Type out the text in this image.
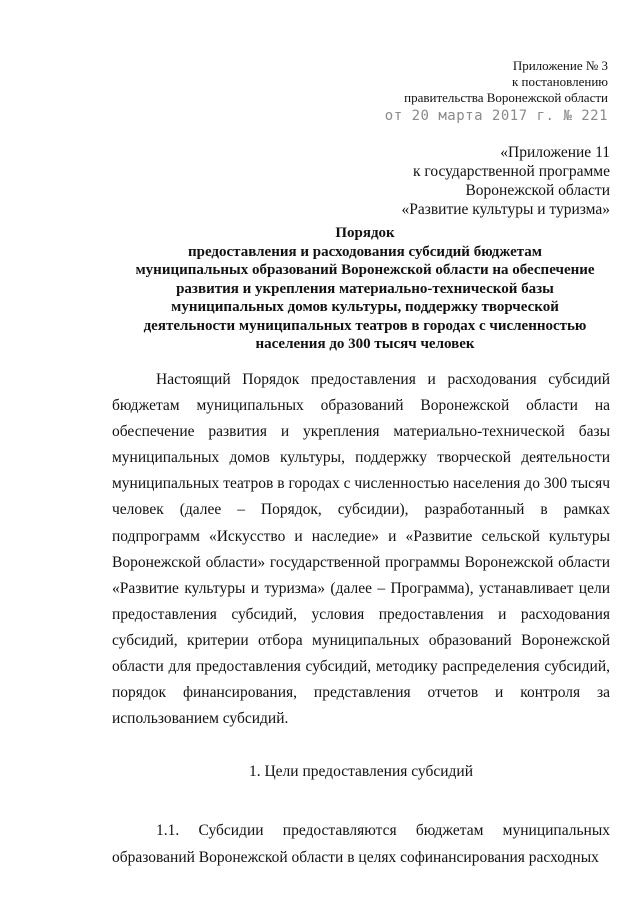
Приложение № 3
к постановлению
правительства Воронежской области
от 20 марта 2017 г. № 221
«Приложение 11
к государственной программе
Воронежской области
«Развитие культуры и туризма»
Порядок
предоставления и расходования субсидий бюджетам
муниципальных образований Воронежской области на обеспечение
развития и укрепления материально-технической базы
муниципальных домов культуры, поддержку творческой
деятельности муниципальных театров в городах с численностью
населения до 300 тысяч человек

Настоящий Порядок предоставления и расходования субсидий бюджетам муниципальных образований Воронежской области на обеспечение развития и укрепления материально-технической базы муниципальных домов культуры, поддержку творческой деятельности муниципальных театров в городах с численностью населения до 300 тысяч человек (далее – Порядок, субсидии), разработанный в рамках подпрограмм «Искусство и наследие» и «Развитие сельской культуры Воронежской области» государственной программы Воронежской области «Развитие культуры и туризма» (далее – Программа), устанавливает цели предоставления субсидий, условия предоставления и расходования субсидий, критерии отбора муниципальных образований Воронежской области для предоставления субсидий, методику распределения субсидий, порядок финансирования, представления отчетов и контроля за использованием субсидий.

1. Цели предоставления субсидий

1.1. Субсидии предоставляются бюджетам муниципальных образований Воронежской области в целях софинансирования расходных
